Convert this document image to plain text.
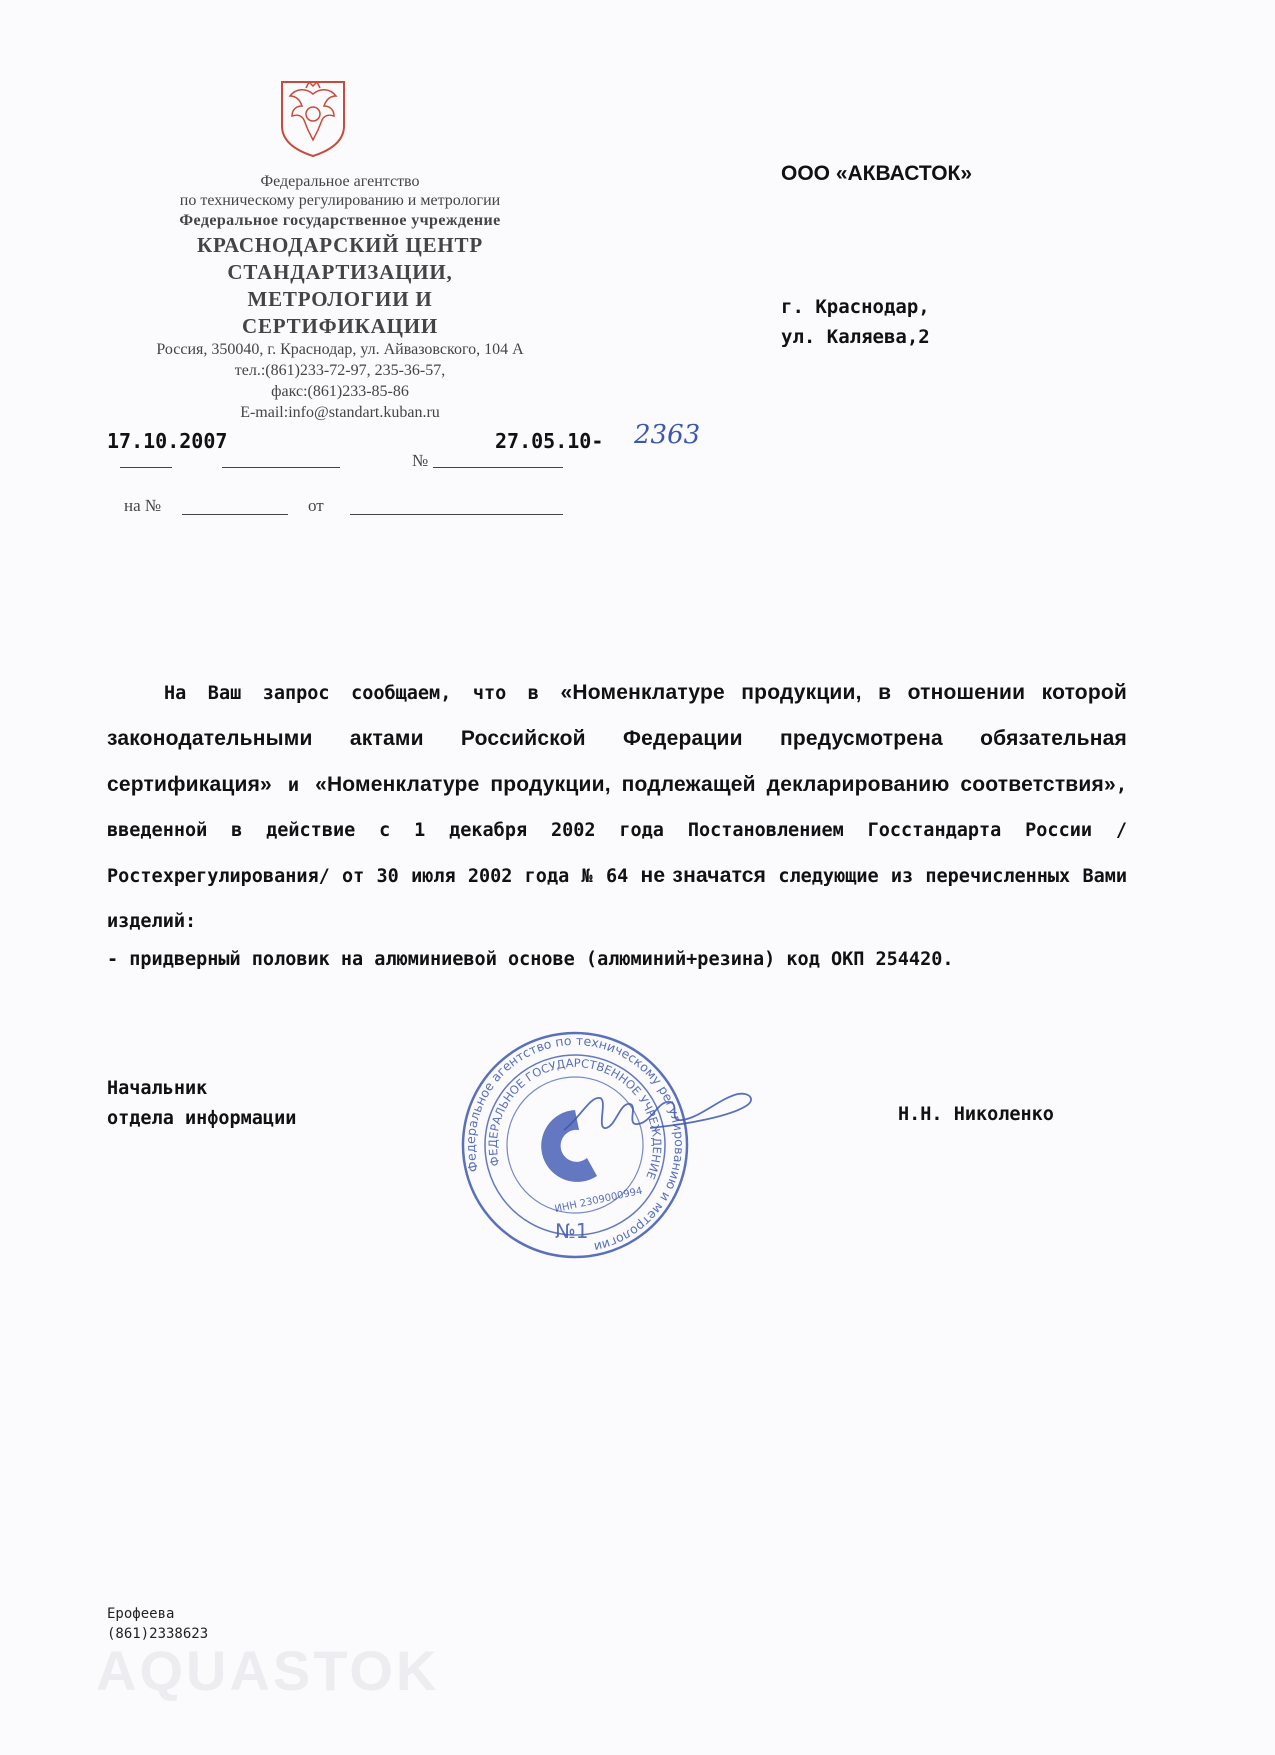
Федеральное агентство
по техническому регулированию и метрологии
Федеральное государственное учреждение
КРАСНОДАРСКИЙ ЦЕНТР
СТАНДАРТИЗАЦИИ,
МЕТРОЛОГИИ И
СЕРТИФИКАЦИИ
Россия, 350040, г. Краснодар, ул. Айвазовского, 104 А
тел.:(861)233-72-97, 235-36-57,
факс:(861)233-85-86
E-mail:info@standart.kuban.ru
ООО «АКВАСТОК»
г. Краснодар,
ул. Каляева,2
17.10.2007	27.05.10- 2363
№
на №	от

На Ваш запрос сообщаем, что в «Номенклатуре продукции, в отношении которой законодательными актами Российской Федерации предусмотрена обязательная сертификация» и «Номенклатуре продукции, подлежащей декларированию соответствия», введенной в действие с 1 декабря 2002 года Постановлением Госстандарта России /Ростехрегулирования/ от 30 июля 2002 года № 64 не значатся следующие из перечисленных Вами изделий:

- придверный половик на алюминиевой основе (алюминий+резина) код ОКП 254420.

Начальник
отдела информации	Н.Н. Николенко
Федеральное агентство по техническому регулированию и метрологии
ФЕДЕРАЛЬНОЕ ГОСУДАРСТВЕННОЕ УЧРЕЖДЕНИЕ
ИНН 2309000994
№1
Ерофеева
(861)2338623
AQUASTOK
